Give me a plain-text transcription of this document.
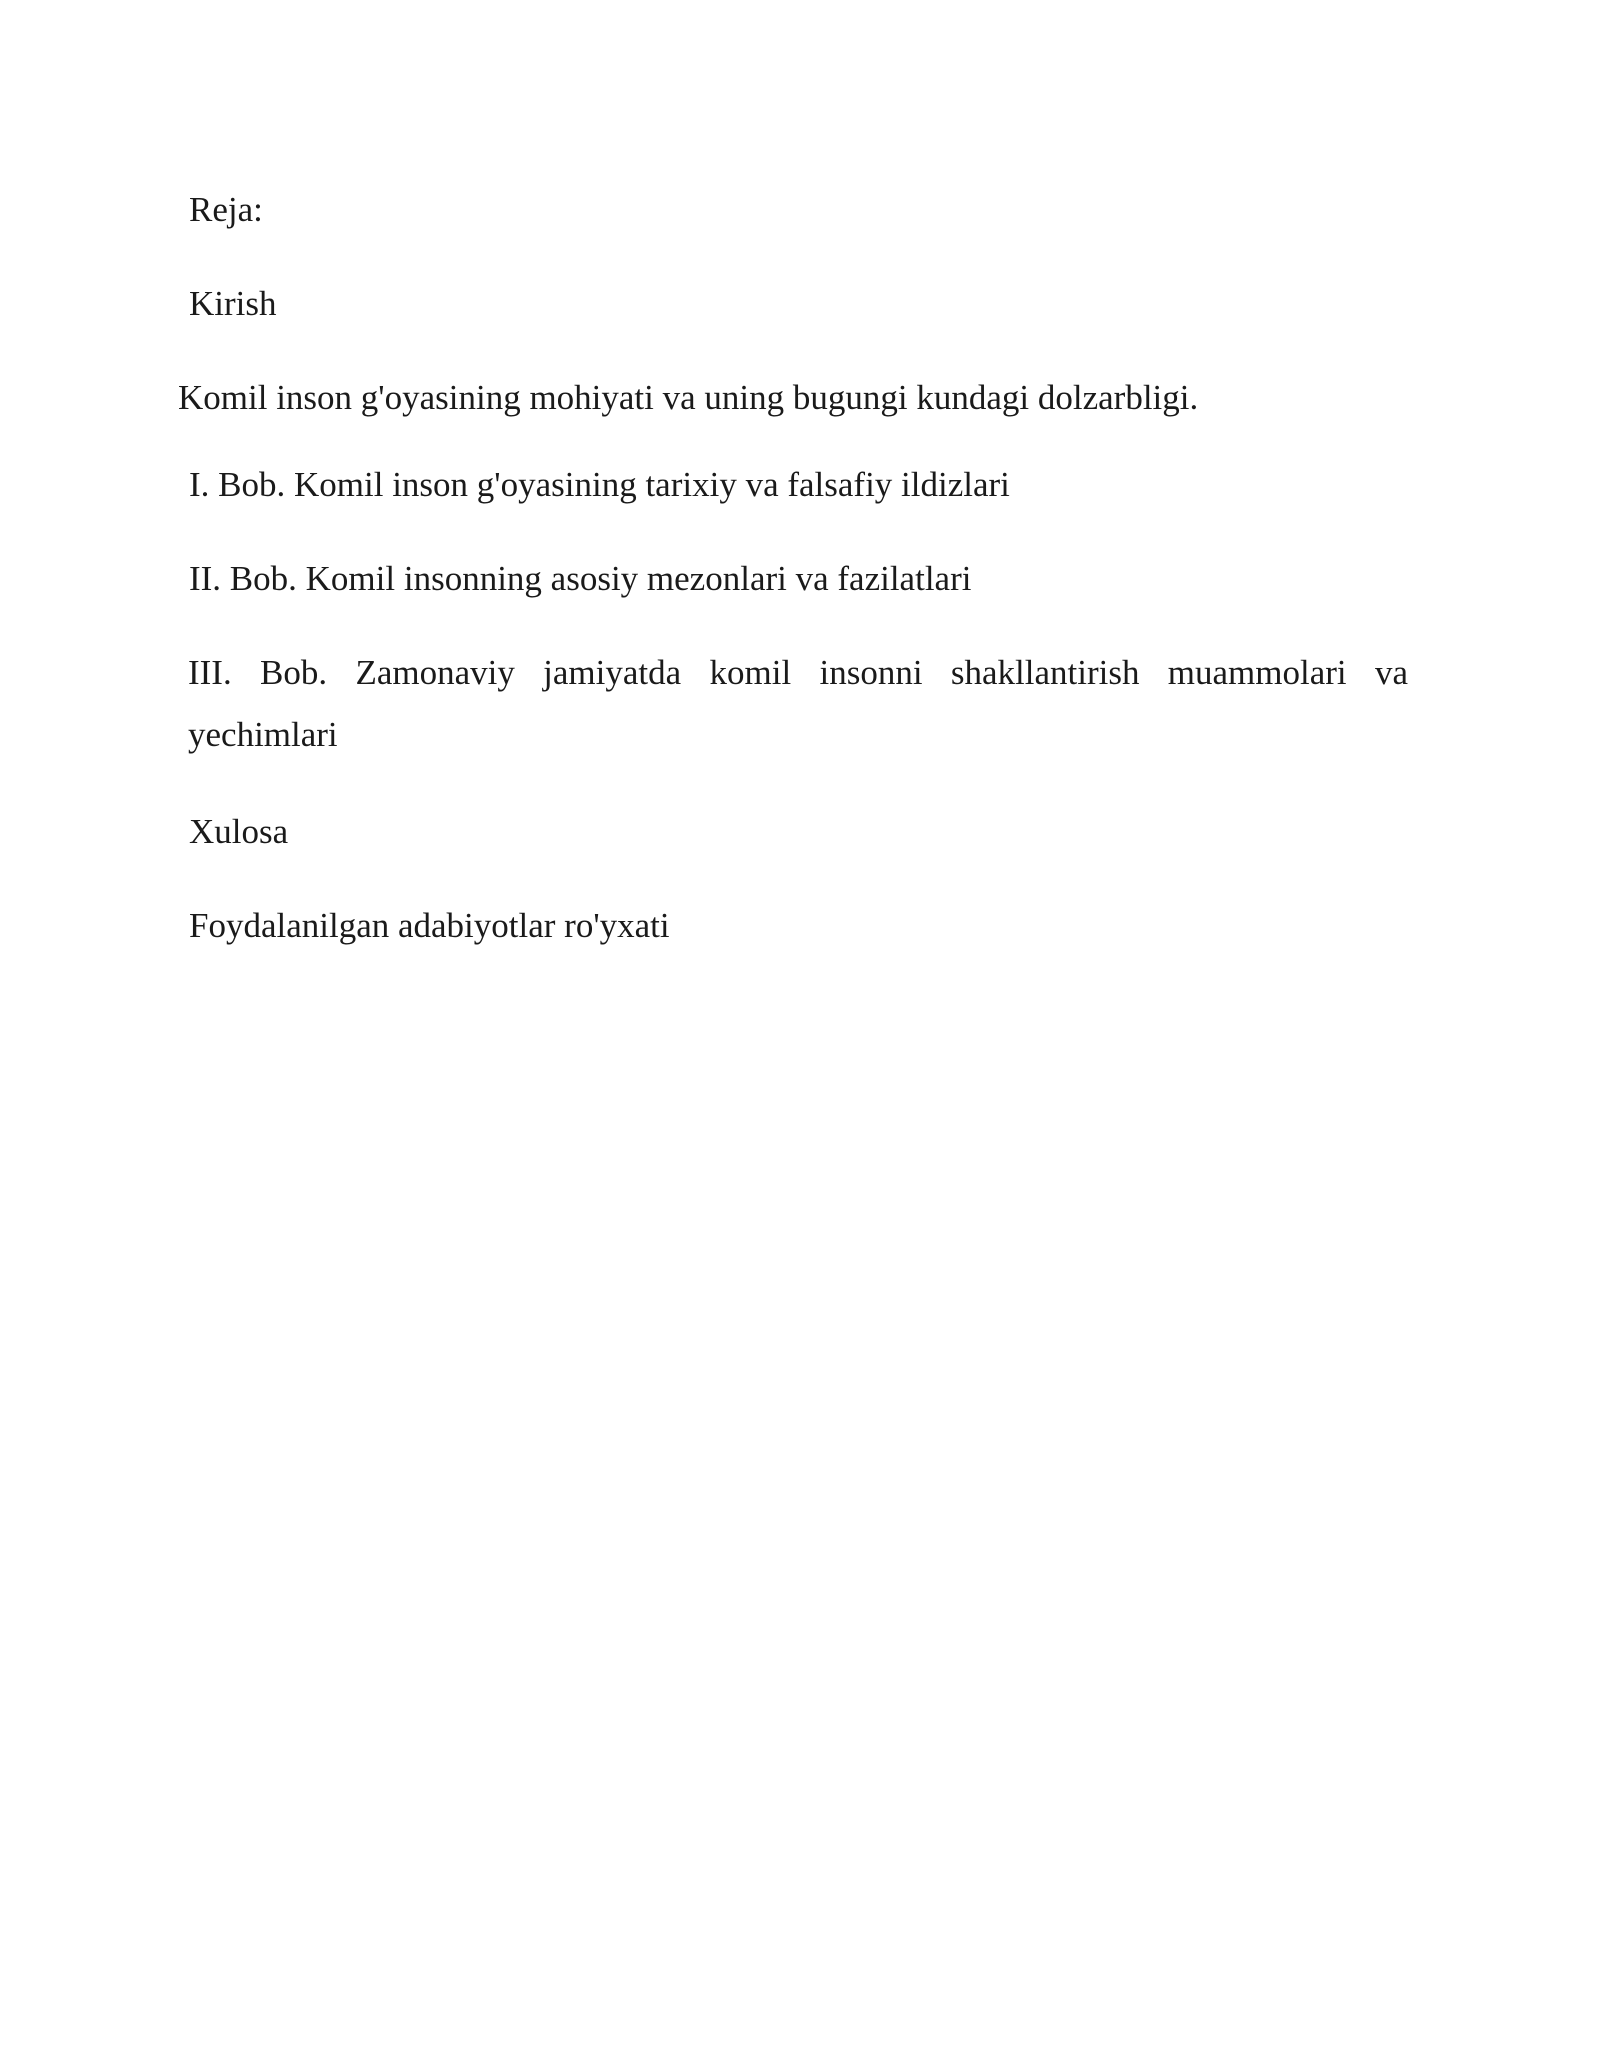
Reja:

Kirish

Komil inson g'oyasining mohiyati va uning bugungi kundagi dolzarbligi.

I. Bob. Komil inson g'oyasining tarixiy va falsafiy ildizlari

II. Bob. Komil insonning asosiy mezonlari va fazilatlari

III. Bob. Zamonaviy jamiyatda komil insonni shakllantirish muammolari va yechimlari

Xulosa

Foydalanilgan adabiyotlar ro'yxati
